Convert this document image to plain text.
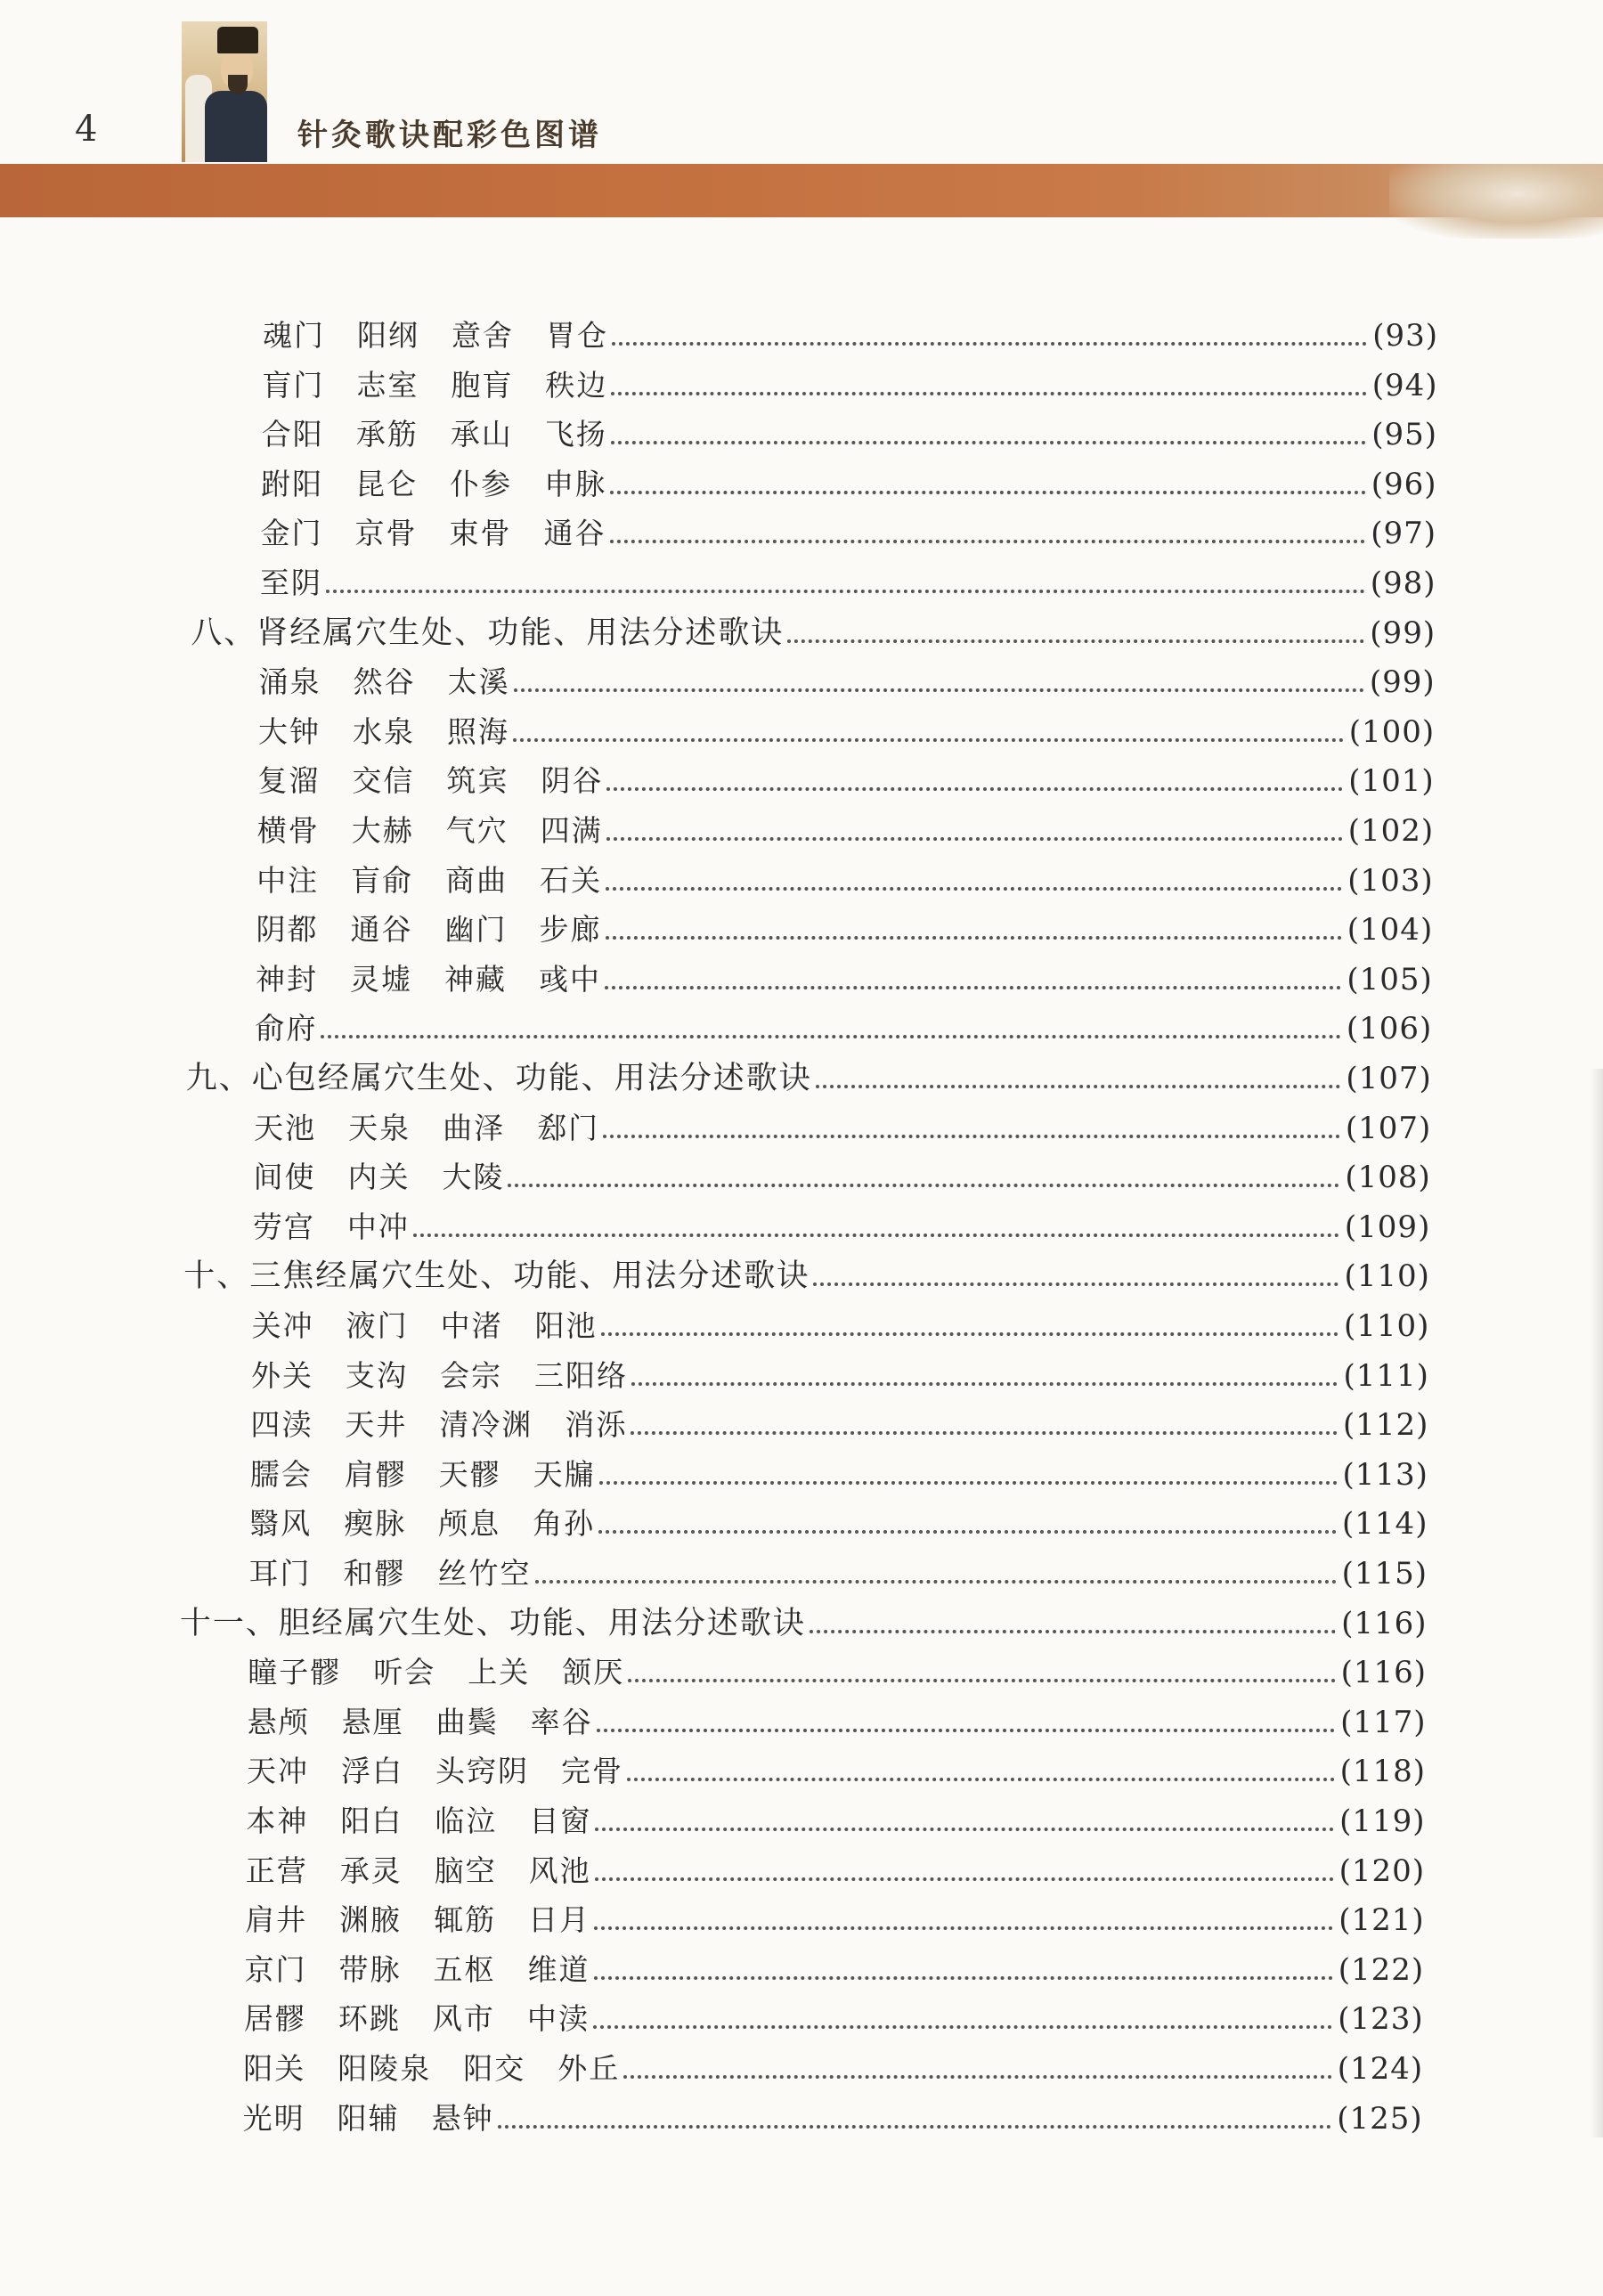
4	针灸歌诀配彩色图谱
魂门 阳纲 意舍 胃仓	(93)
肓门 志室 胞肓 秩边	(94)
合阳 承筋 承山 飞扬	(95)
跗阳 昆仑 仆参 申脉	(96)
金门 京骨 束骨 通谷	(97)
至阴	(98)
八、肾经属穴生处、功能、用法分述歌诀	(99)
涌泉 然谷 太溪	(99)
大钟 水泉 照海	(100)
复溜 交信 筑宾 阴谷	(101)
横骨 大赫 气穴 四满	(102)
中注 肓俞 商曲 石关	(103)
阴都 通谷 幽门 步廊	(104)
神封 灵墟 神藏 彧中	(105)
俞府	(106)
九、心包经属穴生处、功能、用法分述歌诀	(107)
天池 天泉 曲泽 郄门	(107)
间使 内关 大陵	(108)
劳宫 中冲	(109)
十、三焦经属穴生处、功能、用法分述歌诀	(110)
关冲 液门 中渚 阳池	(110)
外关 支沟 会宗 三阳络	(111)
四渎 天井 清冷渊 消泺	(112)
臑会 肩髎 天髎 天牖	(113)
翳风 瘈脉 颅息 角孙	(114)
耳门 和髎 丝竹空	(115)
十一、胆经属穴生处、功能、用法分述歌诀	(116)
瞳子髎 听会 上关 颔厌	(116)
悬颅 悬厘 曲鬓 率谷	(117)
天冲 浮白 头窍阴 完骨	(118)
本神 阳白 临泣 目窗	(119)
正营 承灵 脑空 风池	(120)
肩井 渊腋 辄筋 日月	(121)
京门 带脉 五枢 维道	(122)
居髎 环跳 风市 中渎	(123)
阳关 阳陵泉 阳交 外丘	(124)
光明 阳辅 悬钟	(125)
